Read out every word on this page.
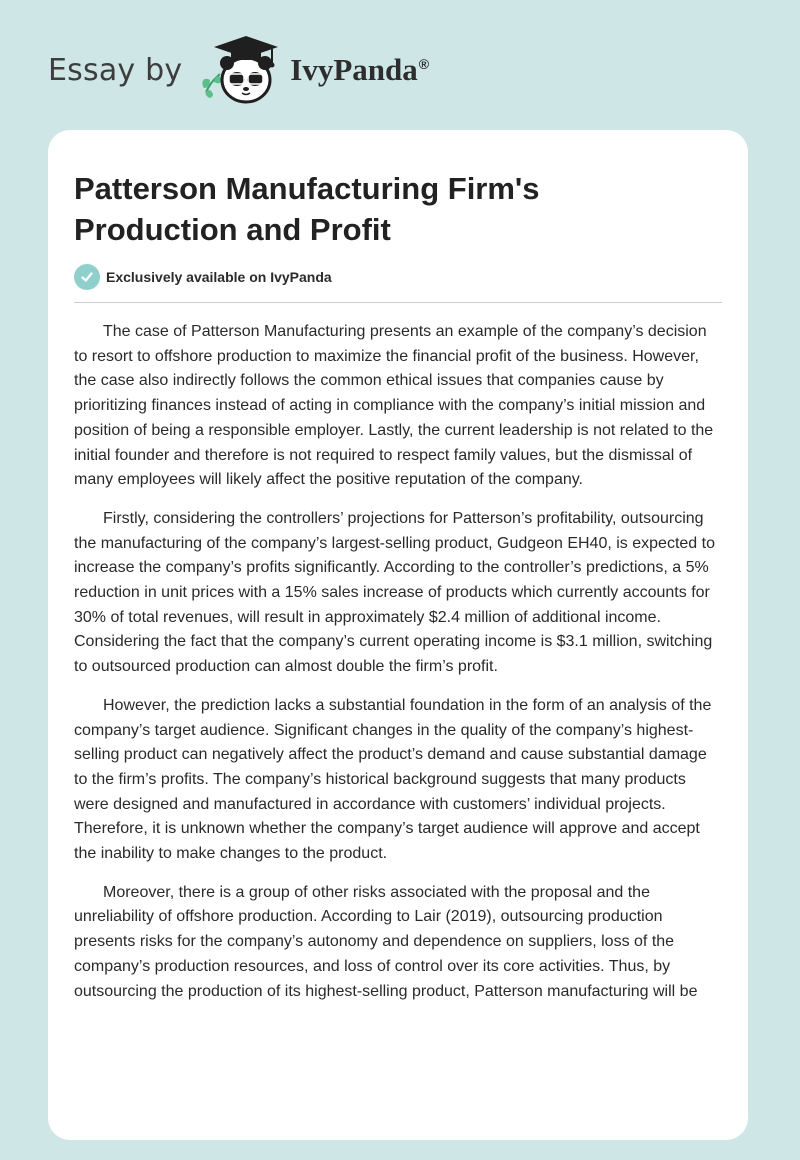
Essay by	IvyPanda®
Patterson Manufacturing Firm's Production and Profit
Exclusively available on IvyPanda

The case of Patterson Manufacturing presents an example of the company’s decision to resort to offshore production to maximize the financial profit of the business. However, the case also indirectly follows the common ethical issues that companies cause by prioritizing finances instead of acting in compliance with the company’s initial mission and position of being a responsible employer. Lastly, the current leadership is not related to the initial founder and therefore is not required to respect family values, but the dismissal of many employees will likely affect the positive reputation of the company.

Firstly, considering the controllers’ projections for Patterson’s profitability, outsourcing the manufacturing of the company’s largest-selling product, Gudgeon EH40, is expected to increase the company’s profits significantly. According to the controller’s predictions, a 5% reduction in unit prices with a 15% sales increase of products which currently accounts for 30% of total revenues, will result in approximately $2.4 million of additional income. Considering the fact that the company’s current operating income is $3.1 million, switching to outsourced production can almost double the firm’s profit.

However, the prediction lacks a substantial foundation in the form of an analysis of the company’s target audience. Significant changes in the quality of the company’s highest-selling product can negatively affect the product’s demand and cause substantial damage to the firm’s profits. The company’s historical background suggests that many products were designed and manufactured in accordance with customers’ individual projects. Therefore, it is unknown whether the company’s target audience will approve and accept the inability to make changes to the product.

Moreover, there is a group of other risks associated with the proposal and the unreliability of offshore production. According to Lair (2019), outsourcing production presents risks for the company’s autonomy and dependence on suppliers, loss of the company’s production resources, and loss of control over its core activities. Thus, by outsourcing the production of its highest-selling product, Patterson manufacturing will be
